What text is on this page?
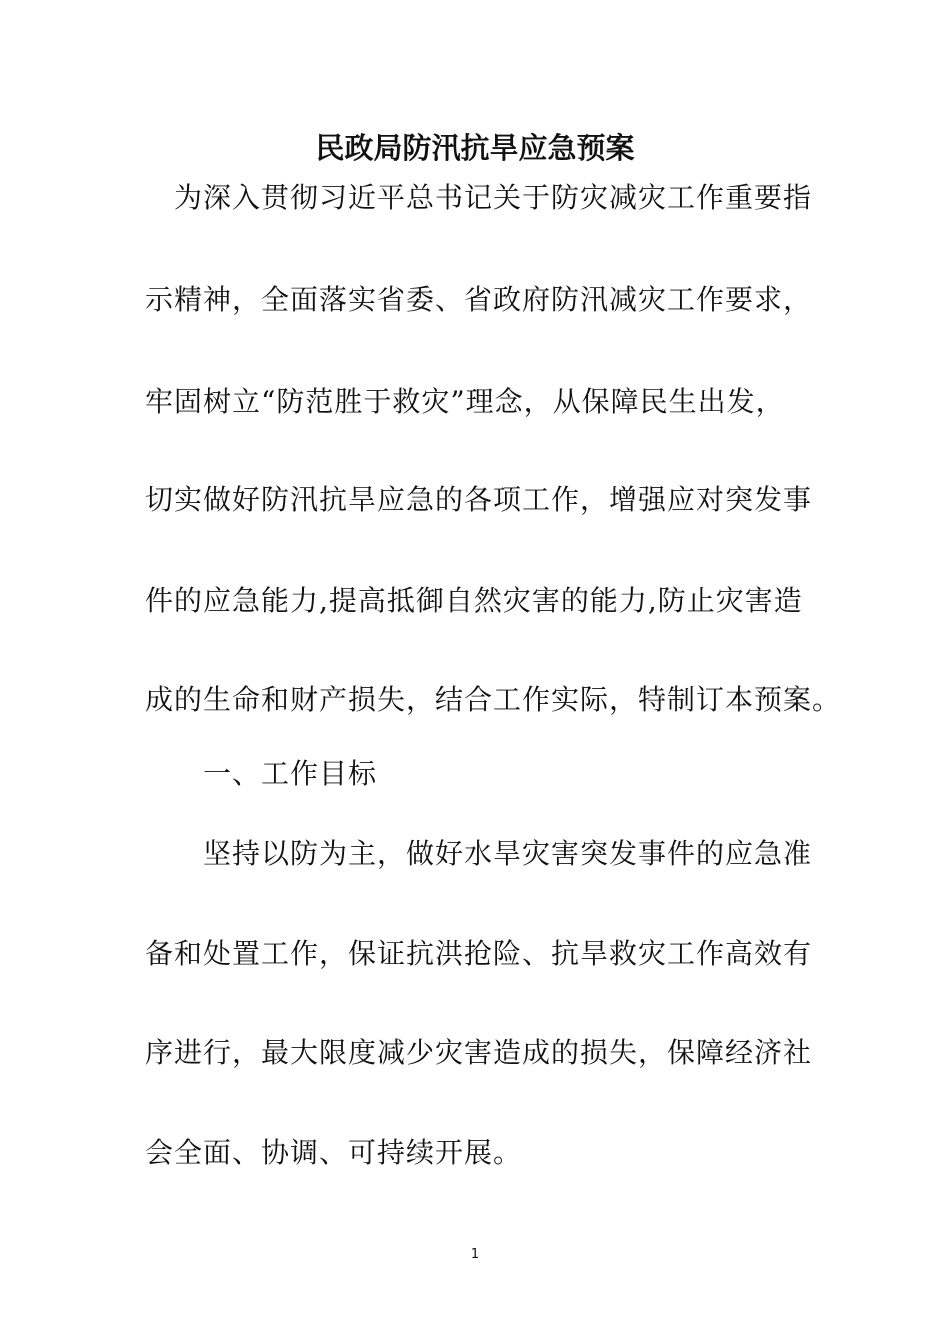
民政局防汛抗旱应急预案
　为深入贯彻习近平总书记关于防灾减灾工作重要指
示精神，全面落实省委、省政府防汛减灾工作要求，
牢固树立“防范胜于救灾”理念，从保障民生出发，
切实做好防汛抗旱应急的各项工作，增强应对突发事
件的应急能力,提高抵御自然灾害的能力,防止灾害造
成的生命和财产损失，结合工作实际，特制订本预案。
　　一、工作目标
　　坚持以防为主，做好水旱灾害突发事件的应急准
备和处置工作，保证抗洪抢险、抗旱救灾工作高效有
序进行，最大限度减少灾害造成的损失，保障经济社
会全面、协调、可持续开展。
1
